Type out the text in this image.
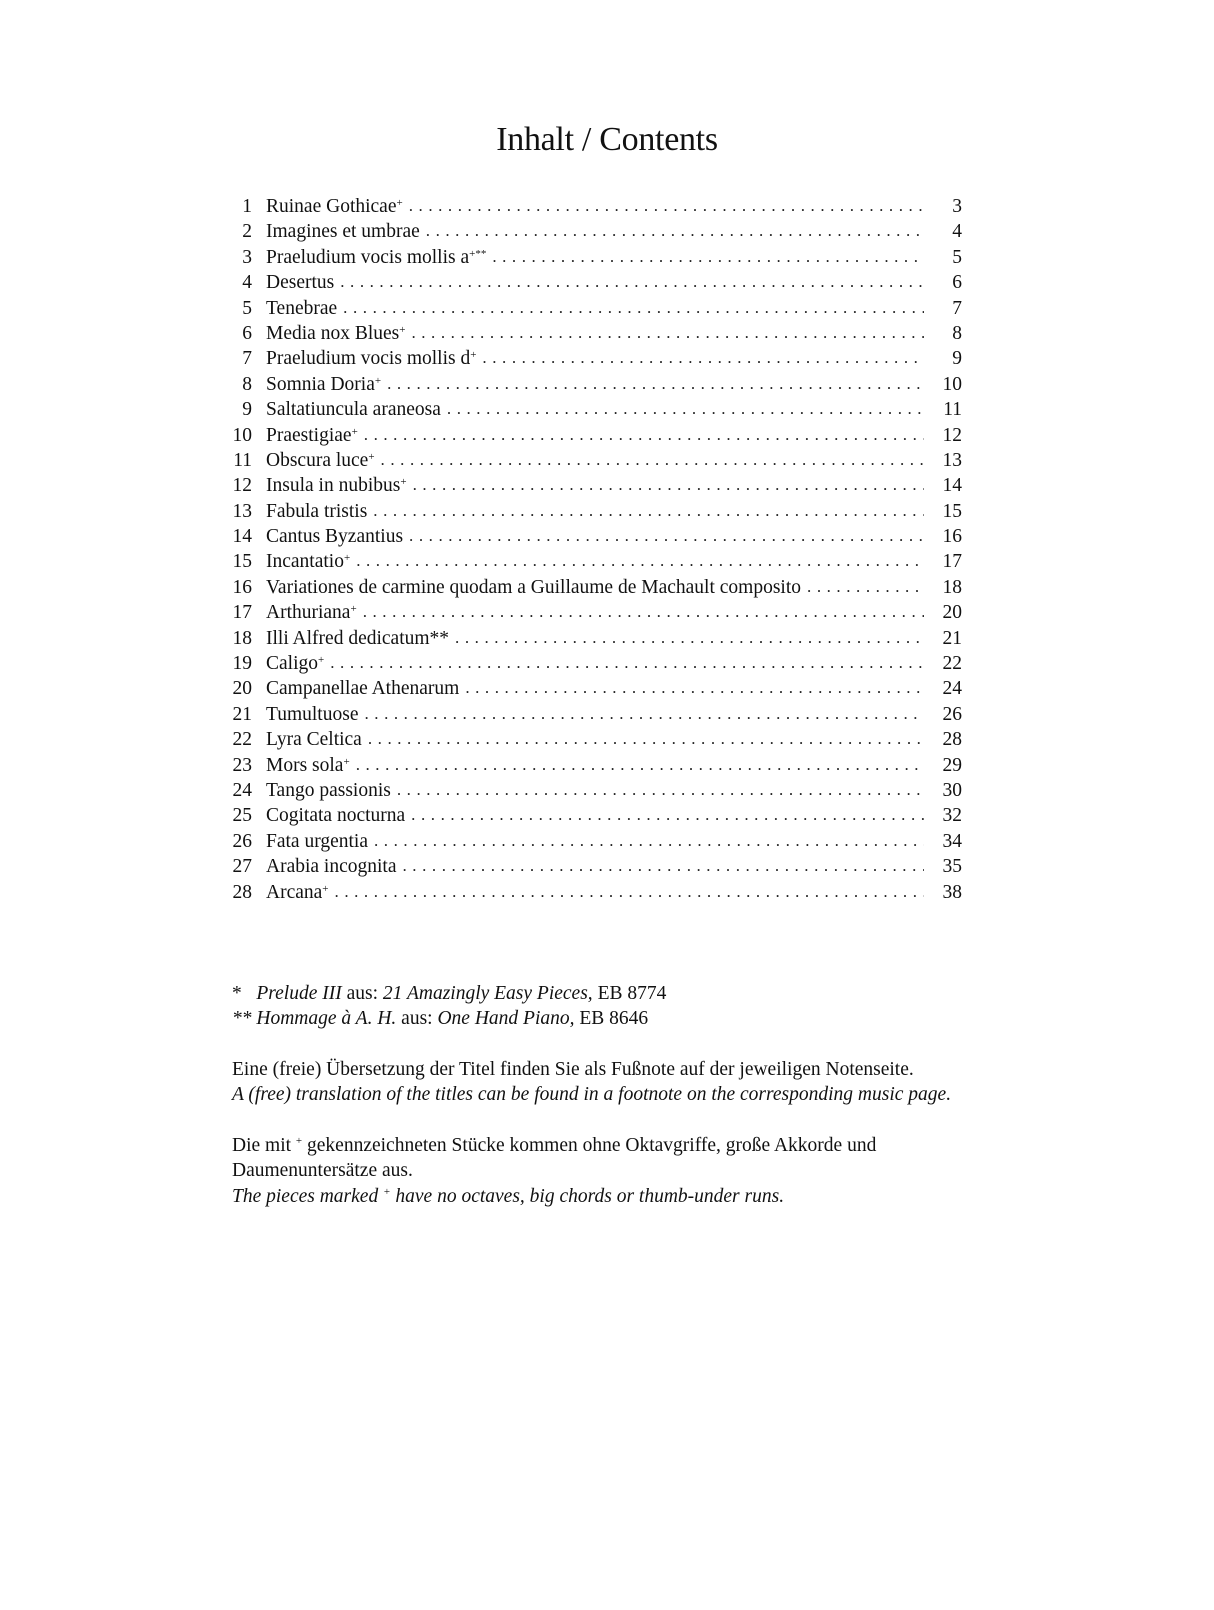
Inhalt / Contents
1 Ruinae Gothicae+ . . .	3
2 Imagines et umbrae . . .	4
3 Praeludium vocis mollis a+** . . .	5
4 Desertus . . .	6
5 Tenebrae . . .	7
6 Media nox Blues+ . . .	8
7 Praeludium vocis mollis d+ . . .	9
8 Somnia Doria+ . . .	10
9 Saltatiuncula araneosa . . .	11
10 Praestigiae+ . . .	12
11 Obscura luce+ . . .	13
12 Insula in nubibus+ . . .	14
13 Fabula tristis . . .	15
14 Cantus Byzantius . . .	16
15 Incantatio+ . . .	17
16 Variationes de carmine quodam a Guillaume de Machault composito . . .	18
17 Arthuriana+ . . .	20
18 Illi Alfred dedicatum** . . .	21
19 Caligo+ . . .	22
20 Campanellae Athenarum . . .	24
21 Tumultuose . . .	26
22 Lyra Celtica . . .	28
23 Mors sola+ . . .	29
24 Tango passionis . . .	30
25 Cogitata nocturna . . .	32
26 Fata urgentia . . .	34
27 Arabia incognita . . .	35
28 Arcana+ . . .	38
* Prelude III aus: 21 Amazingly Easy Pieces, EB 8774
** Hommage à A. H. aus: One Hand Piano, EB 8646
Eine (freie) Übersetzung der Titel finden Sie als Fußnote auf der jeweiligen Notenseite.
A (free) translation of the titles can be found in a footnote on the corresponding music page.
Die mit + gekennzeichneten Stücke kommen ohne Oktavgriffe, große Akkorde und Daumenuntersätze aus.
The pieces marked + have no octaves, big chords or thumb-under runs.
